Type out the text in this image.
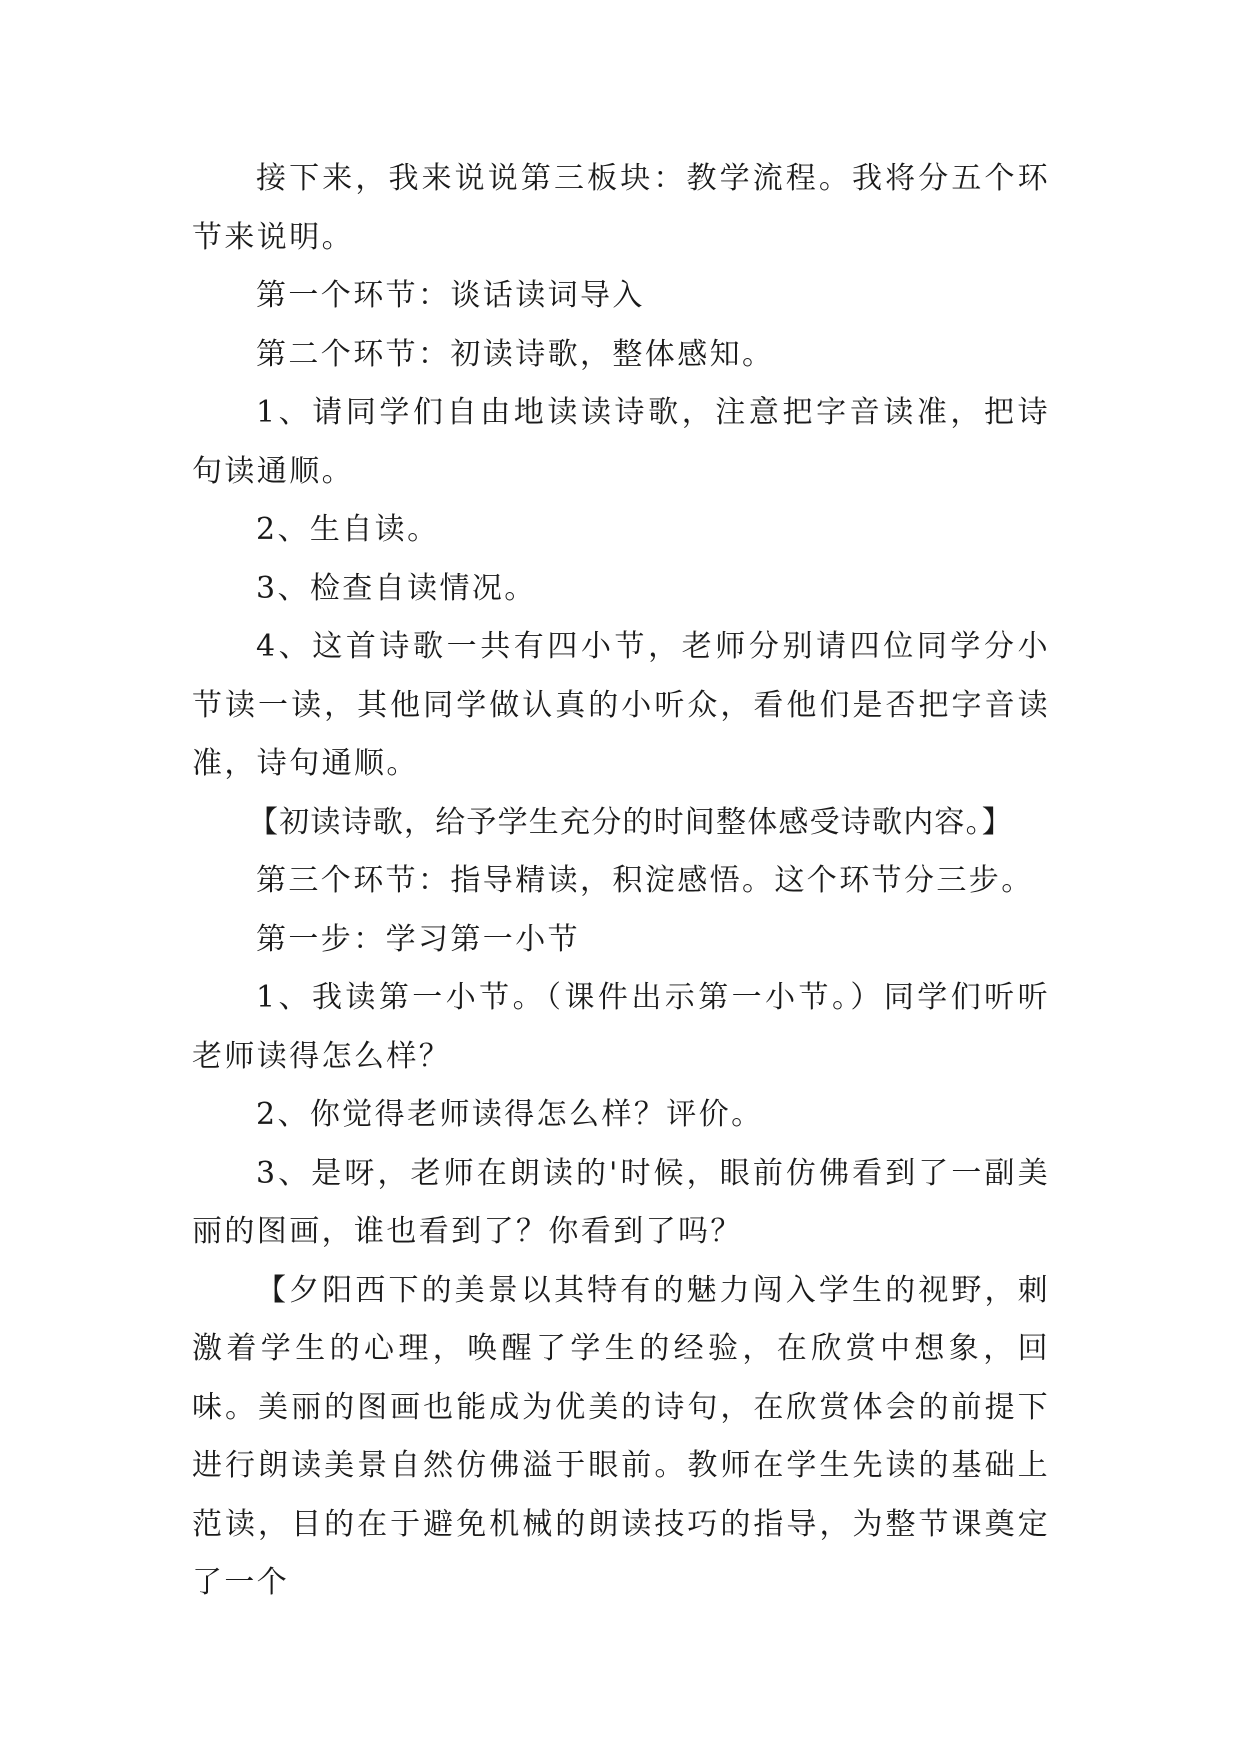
接下来，我来说说第三板块：教学流程。我将分五个环节来说明。

第一个环节：谈话读词导入

第二个环节：初读诗歌，整体感知。

1、请同学们自由地读读诗歌，注意把字音读准，把诗句读通顺。

2、生自读。

3、检查自读情况。

4、这首诗歌一共有四小节，老师分别请四位同学分小节读一读，其他同学做认真的小听众，看他们是否把字音读准，诗句通顺。

【初读诗歌，给予学生充分的时间整体感受诗歌内容。】

第三个环节：指导精读，积淀感悟。这个环节分三步。

第一步：学习第一小节

1、我读第一小节。（课件出示第一小节。）同学们听听老师读得怎么样？

2、你觉得老师读得怎么样？评价。

3、是呀，老师在朗读的'时候，眼前仿佛看到了一副美丽的图画，谁也看到了？你看到了吗？

【夕阳西下的美景以其特有的魅力闯入学生的视野，刺激着学生的心理，唤醒了学生的经验，在欣赏中想象，回味。美丽的图画也能成为优美的诗句，在欣赏体会的前提下进行朗读美景自然仿佛溢于眼前。教师在学生先读的基础上范读，目的在于避免机械的朗读技巧的指导，为整节课奠定了一个
